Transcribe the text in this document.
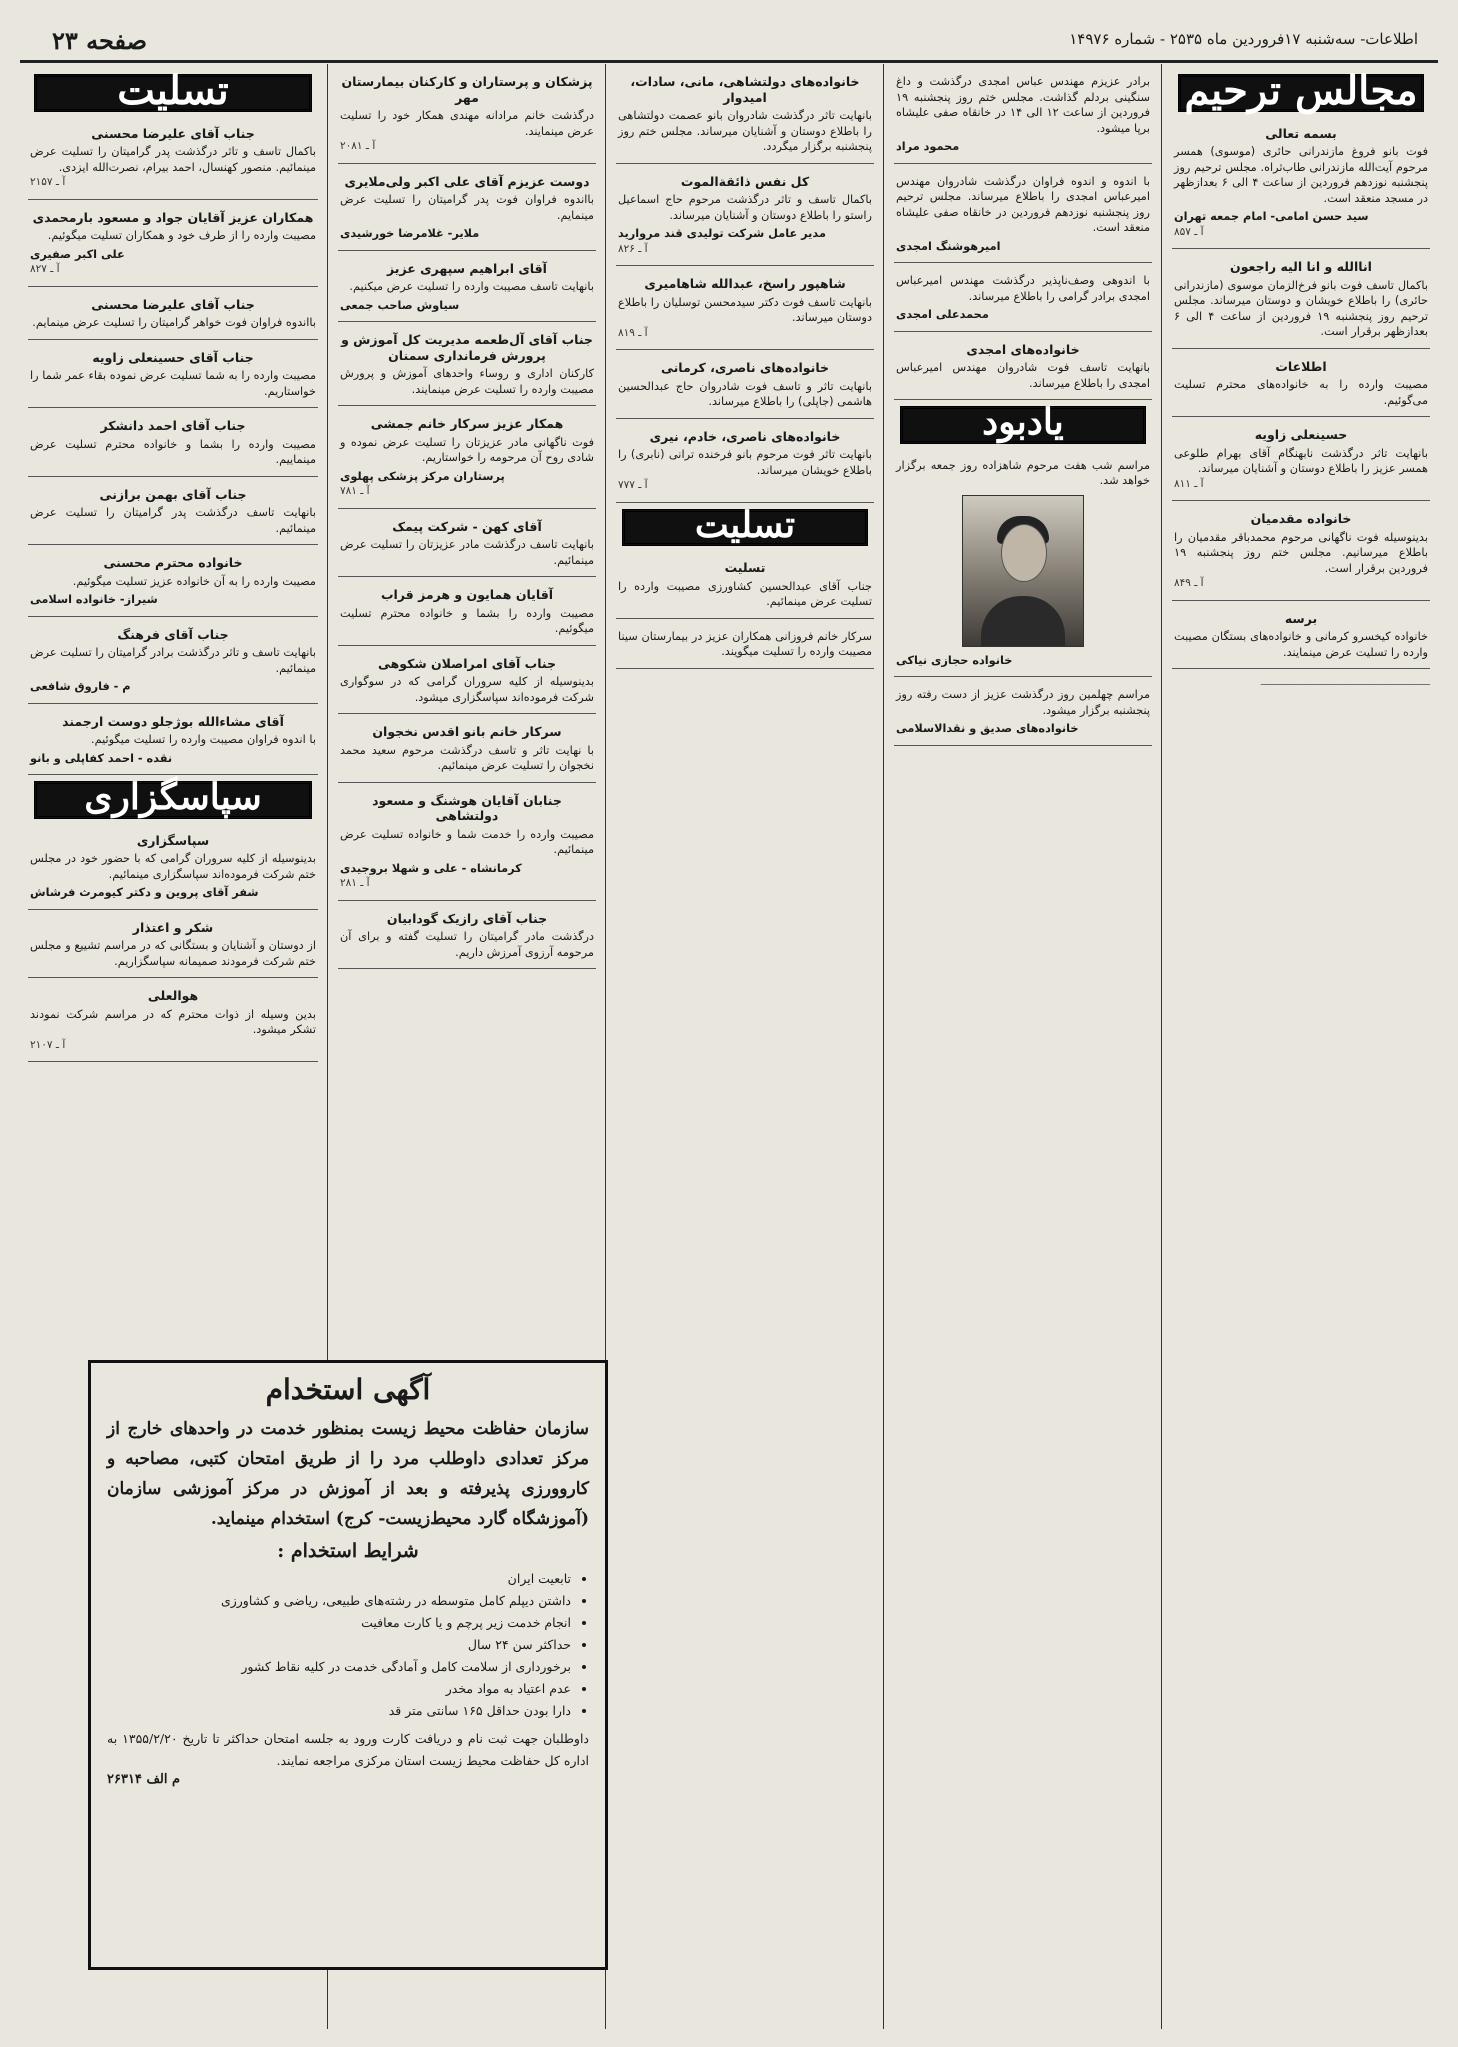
اطلاعات- سه‌شنبه ۱۷فروردین ماه ۲۵۳۵ - شماره ۱۴۹۷۶
صفحه ۲۳
مجالس ترحیم
بسمه تعالی
فوت بانو فروغ مازندرانی حائری (موسوی) همسر مرحوم آیت‌الله مازندرانی طاب‌ثراه. مجلس ترحیم روز پنجشنبه نوزدهم فروردین از ساعت ۴ الی ۶ بعدازظهر در مسجد منعقد است.
سید حسن امامی- امام جمعه تهران
آ ـ ۸۵۷
اناالله و انا الیه راجعون
باکمال تاسف فوت بانو فرخ‌الزمان موسوی (مازندرانی حائری) را باطلاع خویشان و دوستان میرساند. مجلس ترحیم روز پنجشنبه ۱۹ فروردین از ساعت ۴ الی ۶ بعدازظهر برقرار است.
اطلاعات
مصیبت وارده را به خانواده‌های محترم تسلیت می‌گوئیم.
حسینعلی زاویه
بانهایت تاثر درگذشت نابهنگام آقای بهرام طلوعی همسر عزیز را باطلاع دوستان و آشنایان میرساند.
آ ـ ۸۱۱
خانواده مقدمیان
بدینوسیله فوت ناگهانی مرحوم محمدباقر مقدمیان را باطلاع میرسانیم. مجلس ختم روز پنجشنبه ۱۹ فروردین برقرار است.
آ ـ ۸۴۹
برسه
خانواده کیخسرو کرمانی و خانواده‌های بستگان مصیبت وارده را تسلیت عرض مینمایند.
ـــــــــــــــــــــــــــــــــــــــــــــــــــــــ
برادر عزیزم مهندس عباس امجدی درگذشت و داغ سنگینی بردلم گذاشت. مجلس ختم روز پنجشنبه ۱۹ فروردین از ساعت ۱۲ الی ۱۴ در خانقاه صفی علیشاه برپا میشود.
محمود مراد
با اندوه و اندوه فراوان درگذشت شادروان مهندس امیرعباس امجدی را باطلاع میرساند. مجلس ترحیم روز پنجشنبه نوزدهم فروردین در خانقاه صفی علیشاه منعقد است.
امیرهوشنگ امجدی
با اندوهی وصف‌ناپذیر درگذشت مهندس امیرعباس امجدی برادر گرامی را باطلاع میرساند.
محمدعلی امجدی
خانواده‌های امجدی
بانهایت تاسف فوت شادروان مهندس امیرعباس امجدی را باطلاع میرساند.
یادبود
مراسم شب هفت مرحوم شاهزاده روز جمعه برگزار خواهد شد.
خانواده حجازی نیاکی
مراسم چهلمین روز درگذشت عزیز از دست رفته روز پنجشنبه برگزار میشود.
خانواده‌های صدیق و نقدالاسلامی
خانواده‌های دولتشاهی، مانی، سادات، امیدوار
بانهایت تاثر درگذشت شادروان بانو عصمت دولتشاهی را باطلاع دوستان و آشنایان میرساند. مجلس ختم روز پنجشنبه برگزار میگردد.
کل نفس ذائقةالموت
باکمال تاسف و تاثر درگذشت مرحوم حاج اسماعیل راستو را باطلاع دوستان و آشنایان میرساند.
مدیر عامل شرکت تولیدی قند مروارید
آ ـ ۸۲۶
شاهپور راسخ، عبدالله شاهامیری
بانهایت تاسف فوت دکتر سیدمحسن توسلیان را باطلاع دوستان میرساند.
آ ـ ۸۱۹
خانواده‌های ناصری، کرمانی
بانهایت تاثر و تاسف فوت شادروان حاج عبدالحسین هاشمی (جاپلی) را باطلاع میرساند.
خانواده‌های ناصری، خادم، نیری
بانهایت تاثر فوت مرحوم بانو فرخنده ترانی (نابری) را باطلاع خویشان میرساند.
آ ـ ۷۷۷
تسلیت
تسلیت
جناب آقای عبدالحسین کشاورزی مصیبت وارده را تسلیت عرض مینمائیم.
سرکار خانم فروزانی همکاران عزیز در بیمارستان سینا مصیبت وارده را تسلیت میگویند.
پزشکان و پرستاران و کارکنان بیمارستان مهر
درگذشت خانم مرادانه مهندی همکار خود را تسلیت عرض مینمایند.
آ ـ ۲۰۸۱
دوست عزیزم آقای علی اکبر ولی‌ملایری
بااندوه فراوان فوت پدر گرامیتان را تسلیت عرض مینمایم.
ملایر- غلامرضا خورشیدی
آقای ابراهیم سپهری عزیز
بانهایت تاسف مصیبت وارده را تسلیت عرض میکنیم.
سیاوش صاحب جمعی
جناب آقای آل‌طعمه مدیریت کل آموزش و پرورش فرمانداری سمنان
کارکنان اداری و روساء واحدهای آموزش و پرورش مصیبت وارده را تسلیت عرض مینمایند.
همکار عزیز سرکار خانم جمشی
فوت ناگهانی مادر عزیزتان را تسلیت عرض نموده و شادی روح آن مرحومه را خواستاریم.
پرستاران مرکز پزشکی پهلوی
آ ـ ۷۸۱
آقای کهن - شرکت پیمک
بانهایت تاسف درگذشت مادر عزیزتان را تسلیت عرض مینمائیم.
آقایان همایون و هرمز قراب
مصیبت وارده را بشما و خانواده محترم تسلیت میگوئیم.
جناب آقای امراصلان شکوهی
بدینوسیله از کلیه سروران گرامی که در سوگواری شرکت فرموده‌اند سپاسگزاری میشود.
سرکار خانم بانو اقدس نخجوان
با نهایت تاثر و تاسف درگذشت مرحوم سعید محمد نخجوان را تسلیت عرض مینمائیم.
جنابان آقایان هوشنگ و مسعود دولتشاهی
مصیبت وارده را خدمت شما و خانواده تسلیت عرض مینمائیم.
کرمانشاه - علی و شهلا بروجیدی
آ ـ ۲۸۱
جناب آقای رازیک گودابیان
درگذشت مادر گرامیتان را تسلیت گفته و برای آن مرحومه آرزوی آمرزش داریم.
تسلیت
جناب آقای علیرضا محسنی
باکمال تاسف و تاثر درگذشت پدر گرامیتان را تسلیت عرض مینمائیم. منصور کهنسال، احمد بیرام، نصرت‌الله ایزدی.
آ ـ ۲۱۵۷
همکاران عزیز آقایان جواد و مسعود بارمحمدی
مصیبت وارده را از طرف خود و همکاران تسلیت میگوئیم.
علی اکبر صفیری
آ ـ ۸۲۷
جناب آقای علیرضا محسنی
بااندوه فراوان فوت خواهر گرامیتان را تسلیت عرض مینمایم.
جناب آقای حسینعلی زاویه
مصیبت وارده را به شما تسلیت عرض نموده بقاء عمر شما را خواستاریم.
جناب آقای احمد دانشکر
مصیبت وارده را بشما و خانواده محترم تسلیت عرض مینماییم.
جناب آقای بهمن برازنی
بانهایت تاسف درگذشت پدر گرامیتان را تسلیت عرض مینمائیم.
خانواده محترم محسنی
مصیبت وارده را به آن خانواده عزیز تسلیت میگوئیم.
شیراز- خانواده اسلامی
جناب آقای فرهنگ
بانهایت تاسف و تاثر درگذشت برادر گرامیتان را تسلیت عرض مینمائیم.
م - فاروق شافعی
آقای مشاءالله بوژجلو دوست ارجمند
با اندوه فراوان مصیبت وارده را تسلیت میگوئیم.
نقده - احمد کفاپلی و بانو
سپاسگزاری
سپاسگزاری
بدینوسیله از کلیه سروران گرامی که با حضور خود در مجلس ختم شرکت فرموده‌اند سپاسگزاری مینمائیم.
شفر آقای پروین و دکتر کیومرث فرشاش
شکر و اعتذار
از دوستان و آشنایان و بستگانی که در مراسم تشییع و مجلس ختم شرکت فرمودند صمیمانه سپاسگزاریم.
هوالعلی
بدین وسیله از ذوات محترم که در مراسم شرکت نمودند تشکر میشود.
آ ـ ۲۱۰۷
آگهی استخدام
سازمان حفاظت محیط زیست بمنظور خدمت در واحدهای خارج از مرکز تعدادی داوطلب مرد را از طریق امتحان کتبی، مصاحبه و کاروورزی پذیرفته و بعد از آموزش در مرکز آموزشی سازمان (آموزشگاه گارد محیط‌زیست- کرج) استخدام مینماید.
شرایط استخدام :
• تابعیت ایران
• داشتن دیپلم کامل متوسطه در رشته‌های طبیعی، ریاضی و کشاورزی
• انجام خدمت زیر پرچم و یا کارت معافیت
• حداکثر سن ۲۴ سال
• برخورداری از سلامت کامل و آمادگی خدمت در کلیه نقاط کشور
• عدم اعتیاد به مواد مخدر
• دارا بودن حداقل ۱۶۵ سانتی متر قد
داوطلبان جهت ثبت نام و دریافت کارت ورود به جلسه امتحان حداکثر تا تاریخ ۱۳۵۵/۲/۲۰ به اداره کل حفاظت محیط زیست استان مرکزی مراجعه نمایند.
م الف ۲۶۳۱۴
